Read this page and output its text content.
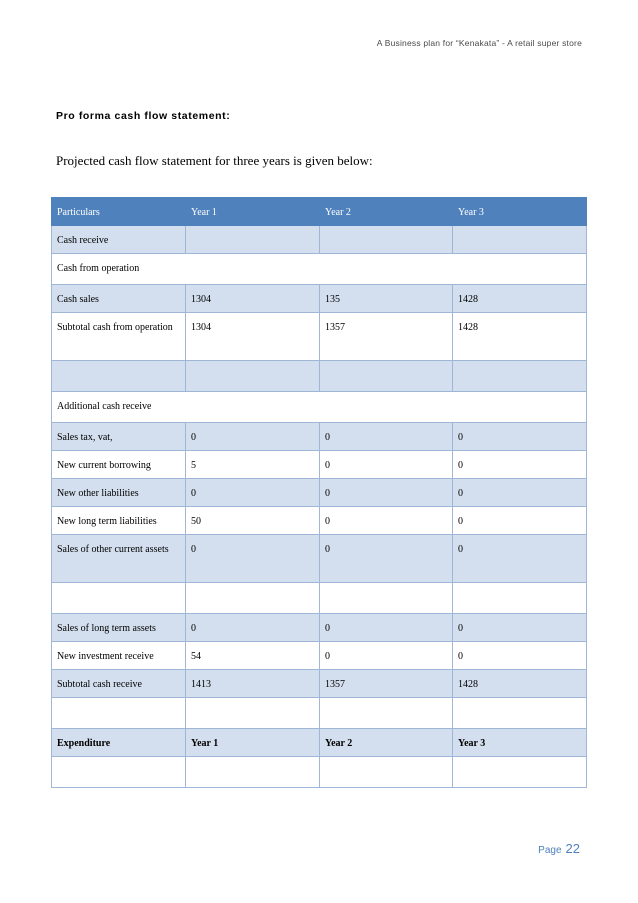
A Business plan for “Kenakata” - A retail super store
Pro forma cash flow statement:
Projected cash flow statement for three years is given below:
Particulars	Year 1	Year 2	Year 3
Cash receive			
Cash from operation			
Cash sales	1304	135	1428
Subtotal cash from operation	1304	1357	1428

Additional cash receive			
Sales tax, vat,	0	0	0
New current borrowing	5	0	0
New other liabilities	0	0	0
New long term liabilities	50	0	0
Sales of other current assets	0	0	0

Sales of long term assets	0	0	0
New investment receive	54	0	0
Subtotal cash receive	1413	1357	1428

Expenditure	Year 1	Year 2	Year 3

Page 22
